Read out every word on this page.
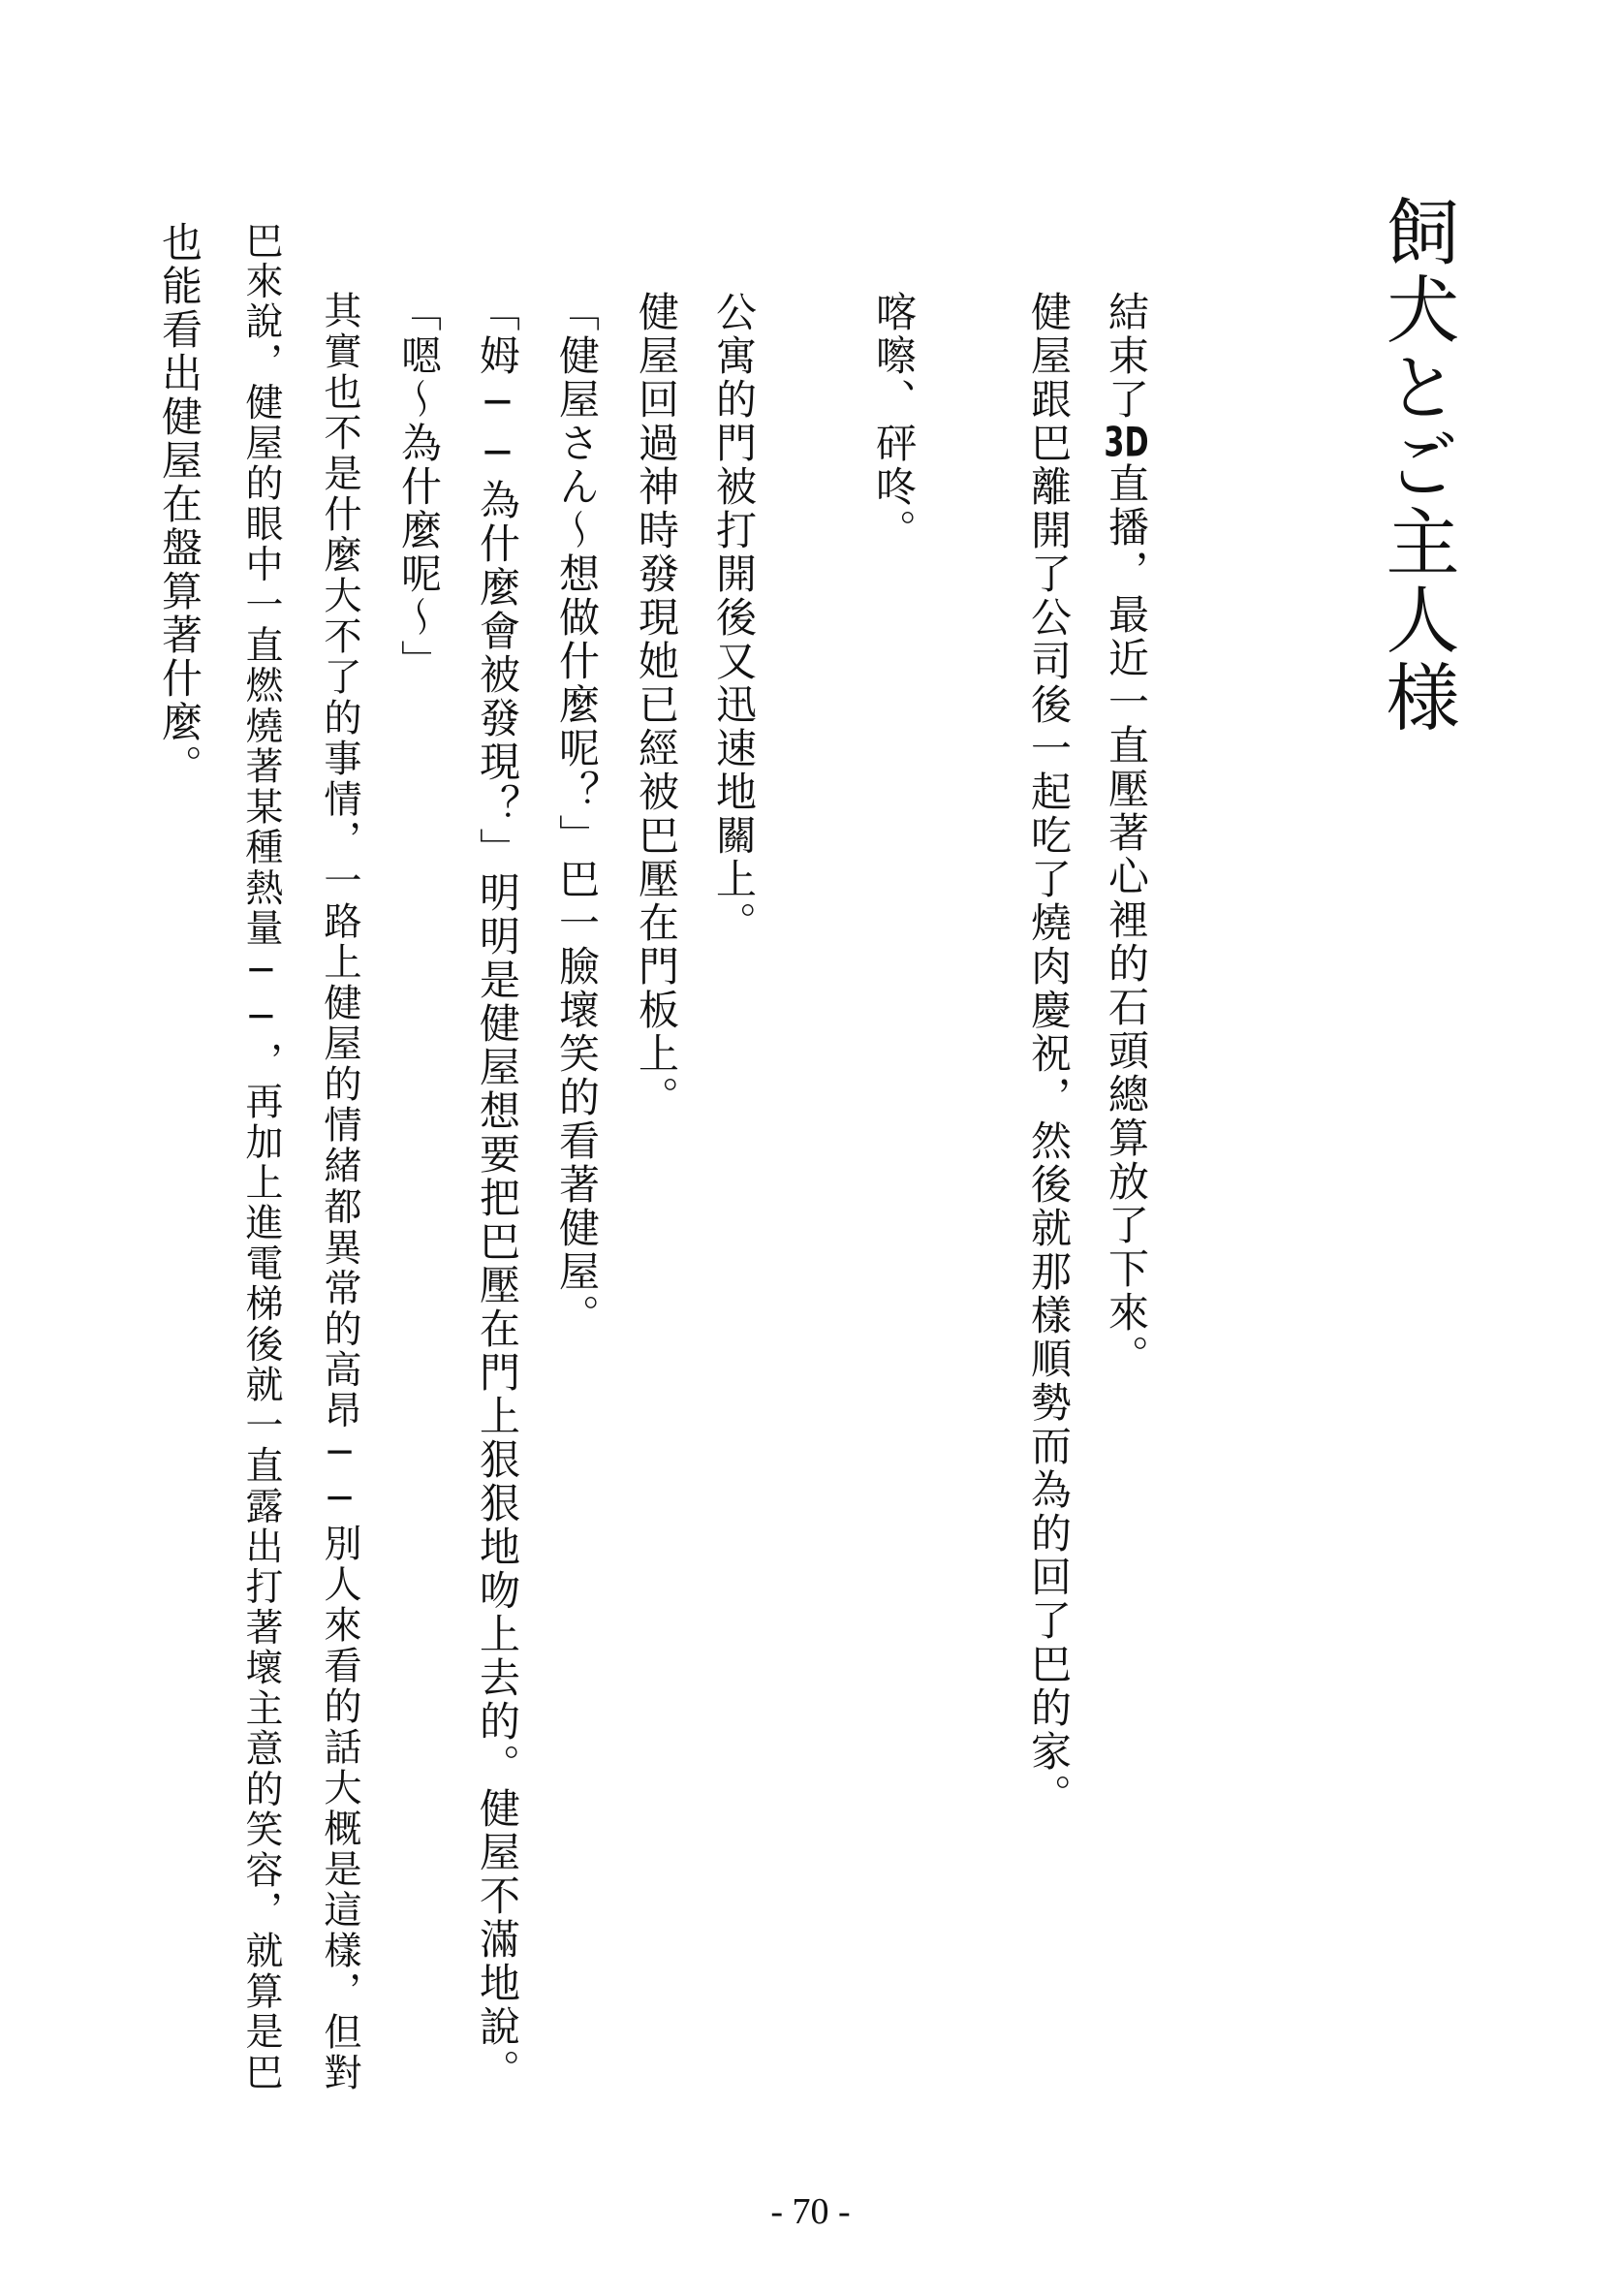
飼犬とご主人様
結束了3D直播，最近一直壓著心裡的石頭總算放了下來。
健屋跟巴離開了公司後一起吃了燒肉慶祝，然後就那樣順勢而為的回了巴的家。
喀嚓、砰咚。
公寓的門被打開後又迅速地關上。
健屋回過神時發現她已經被巴壓在門板上。
「健屋さん～想做什麼呢？」巴一臉壞笑的看著健屋。
「姆──為什麼會被發現？」明明是健屋想要把巴壓在門上狠狠地吻上去的。健屋不滿地說。
「嗯～為什麼呢～」
其實也不是什麼大不了的事情，一路上健屋的情緒都異常的高昂──別人來看的話大概是這樣，但對
巴來說，健屋的眼中一直燃燒著某種熱量──，再加上進電梯後就一直露出打著壞主意的笑容，就算是巴
也能看出健屋在盤算著什麼。
- 70 -
